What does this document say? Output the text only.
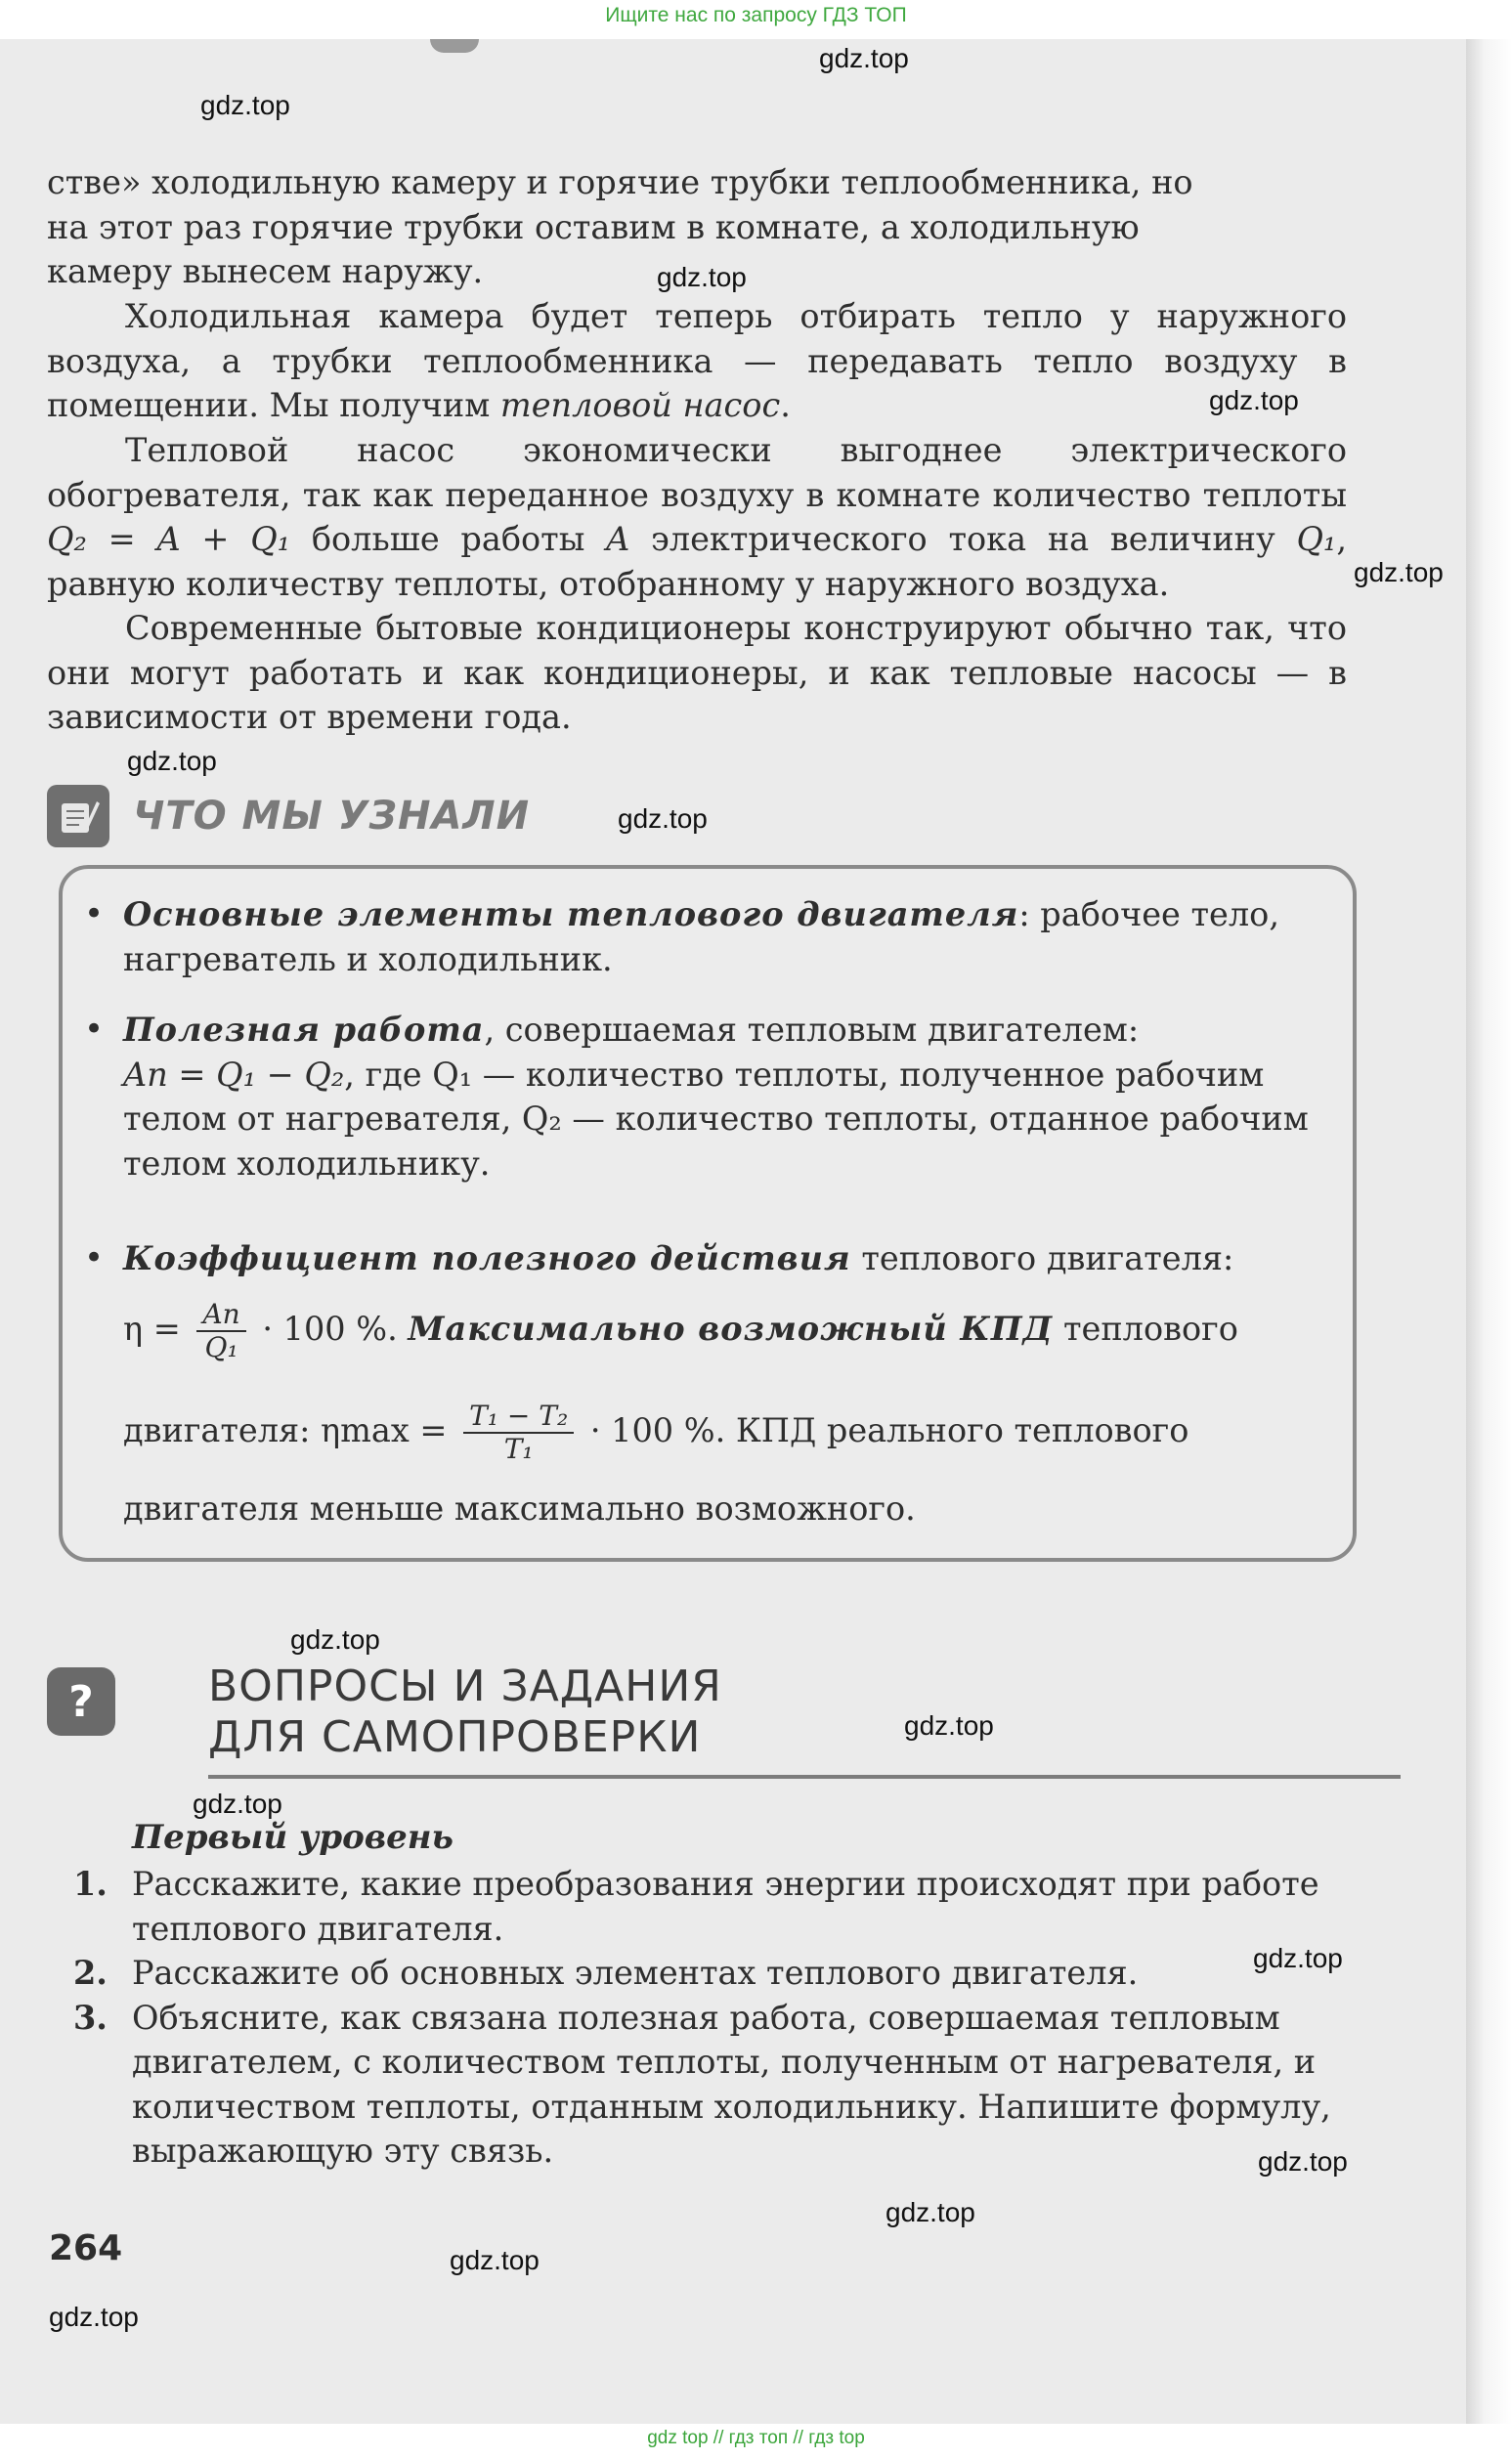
Ищите нас по запросу ГДЗ ТОП
gdz.top
gdz.top
gdz.top
gdz.top
gdz.top
gdz.top
gdz.top
gdz.top
gdz.top
gdz.top
gdz.top
gdz.top
gdz.top
gdz.top
gdz.top
стве» холодильную камеру и горячие трубки теплообменника, но
на этот раз горячие трубки оставим в комнате, а холодильную
камеру вынесем наружу.
Холодильная камера будет теперь отбирать тепло у наружного воздуха, а трубки теплообменника — передавать тепло воздуху в помещении. Мы получим тепловой насос.
Тепловой насос экономически выгоднее электрического обогревателя, так как переданное воздуху в комнате количество теплоты Q₂ = A + Q₁ больше работы A электрического тока на величину Q₁, равную количеству теплоты, отобранному у наружного воздуха.
Современные бытовые кондиционеры конструируют обычно так, что они могут работать и как кондиционеры, и как тепловые насосы — в зависимости от времени года.
ЧТО МЫ УЗНАЛИ
• Основные элементы теплового двигателя: рабочее тело, нагреватель и холодильник.
• Полезная работа, совершаемая тепловым двигателем:
Aп = Q₁ − Q₂, где Q₁ — количество теплоты, полученное рабочим телом от нагревателя, Q₂ — количество теплоты, отданное рабочим телом холодильнику.
• Коэффициент полезного действия теплового двигателя:
$\eta = \frac{Aп}{\text{Q₁}} \cdot 100$ %. Максимально возможный КПД теплового
двигателя: $\eta\max = \frac{\text{T₁ − T₂}}{\text{T₁}} \cdot 100$ %. КПД реального теплового
двигателя меньше максимально возможного.
?	ВОПРОСЫ И ЗАДАНИЯ
ДЛЯ САМОПРОВЕРКИ
Первый уровень
1. Расскажите, какие преобразования энергии происходят при работе теплового двигателя.
2. Расскажите об основных элементах теплового двигателя.
3. Объясните, как связана полезная работа, совершаемая тепловым двигателем, с количеством теплоты, полученным от нагревателя, и количеством теплоты, отданным холодильнику. Напишите формулу, выражающую эту связь.
264
gdz top // гдз топ // гдз top
